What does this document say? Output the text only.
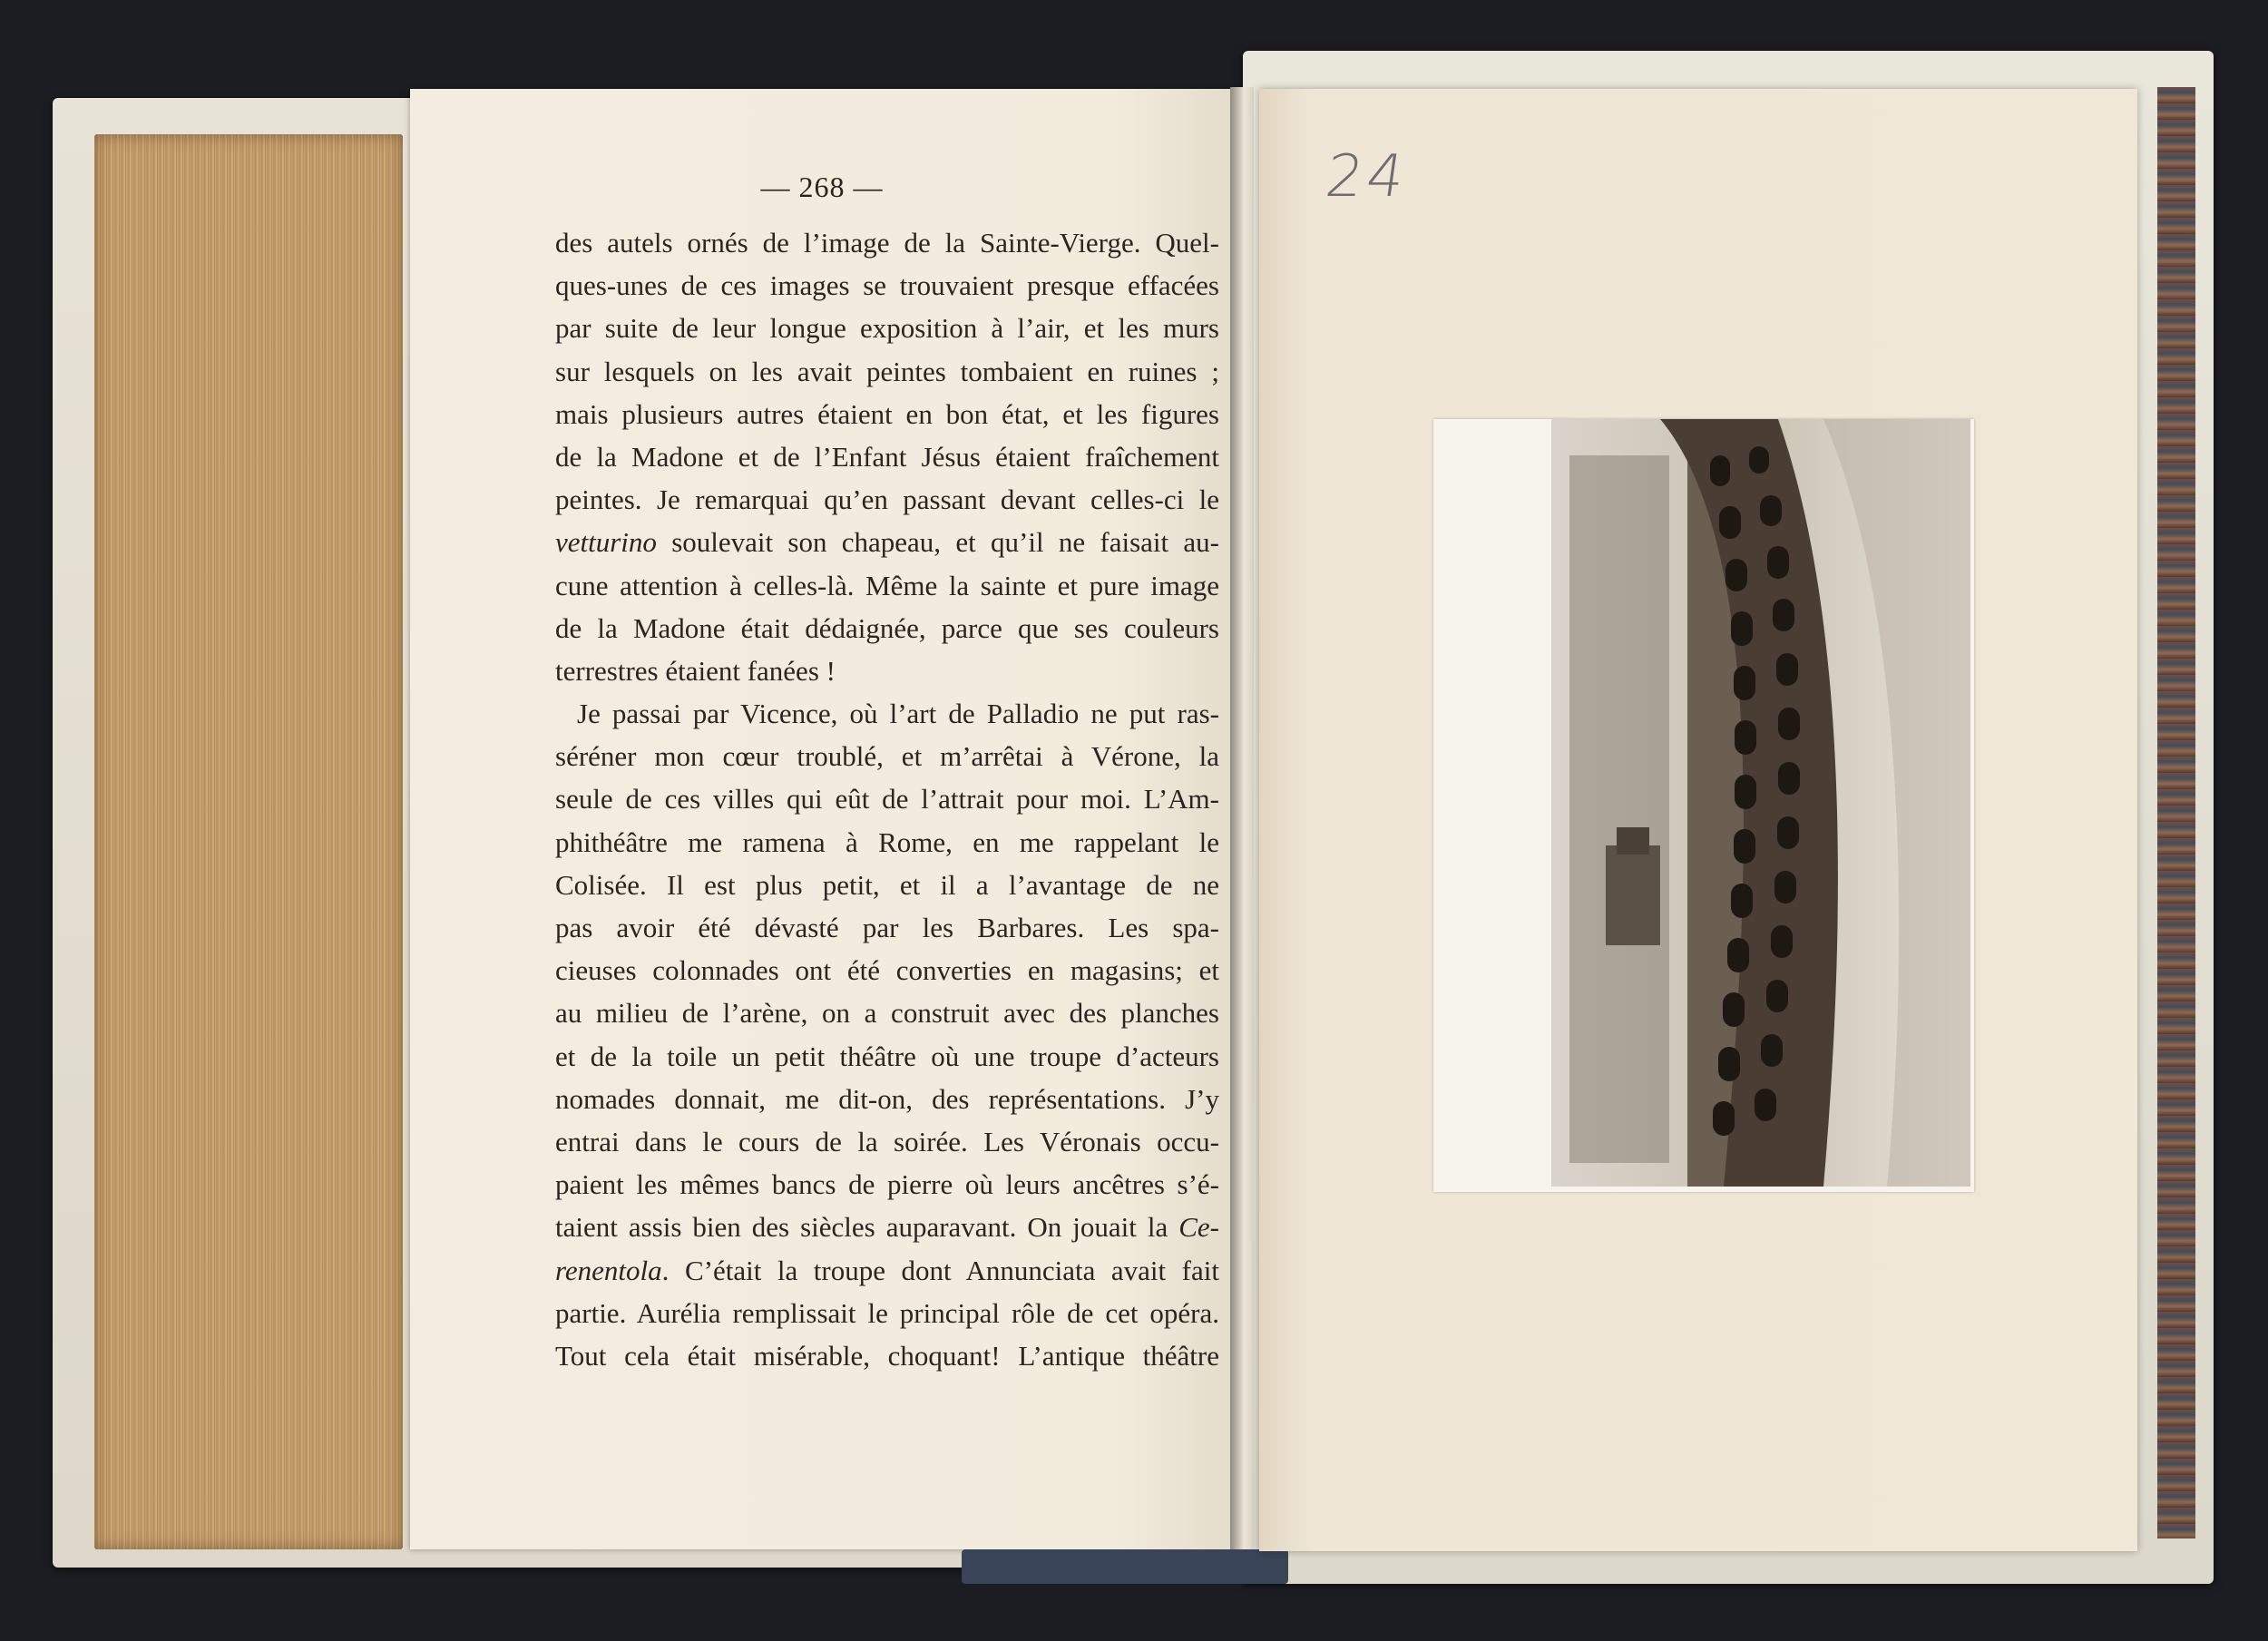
— 268 —
des autels ornés de l’image de la Sainte-Vierge. Quel-
ques-unes de ces images se trouvaient presque effacées
par suite de leur longue exposition à l’air, et les murs
sur lesquels on les avait peintes tombaient en ruines ;
mais plusieurs autres étaient en bon état, et les figures
de la Madone et de l’Enfant Jésus étaient fraîchement
peintes. Je remarquai qu’en passant devant celles-ci le
vetturino soulevait son chapeau, et qu’il ne faisait au-
cune attention à celles-là. Même la sainte et pure image
de la Madone était dédaignée, parce que ses couleurs
terrestres étaient fanées !
Je passai par Vicence, où l’art de Palladio ne put ras-
séréner mon cœur troublé, et m’arrêtai à Vérone, la
seule de ces villes qui eût de l’attrait pour moi. L’Am-
phithéâtre me ramena à Rome, en me rappelant le
Colisée. Il est plus petit, et il a l’avantage de ne
pas avoir été dévasté par les Barbares. Les spa-
cieuses colonnades ont été converties en magasins; et
au milieu de l’arène, on a construit avec des planches
et de la toile un petit théâtre où une troupe d’acteurs
nomades donnait, me dit-on, des représentations. J’y
entrai dans le cours de la soirée. Les Véronais occu-
paient les mêmes bancs de pierre où leurs ancêtres s’é-
taient assis bien des siècles auparavant. On jouait la Ce-
renentola. C’était la troupe dont Annunciata avait fait
partie. Aurélia remplissait le principal rôle de cet opéra.
Tout cela était misérable, choquant! L’antique théâtre
24
